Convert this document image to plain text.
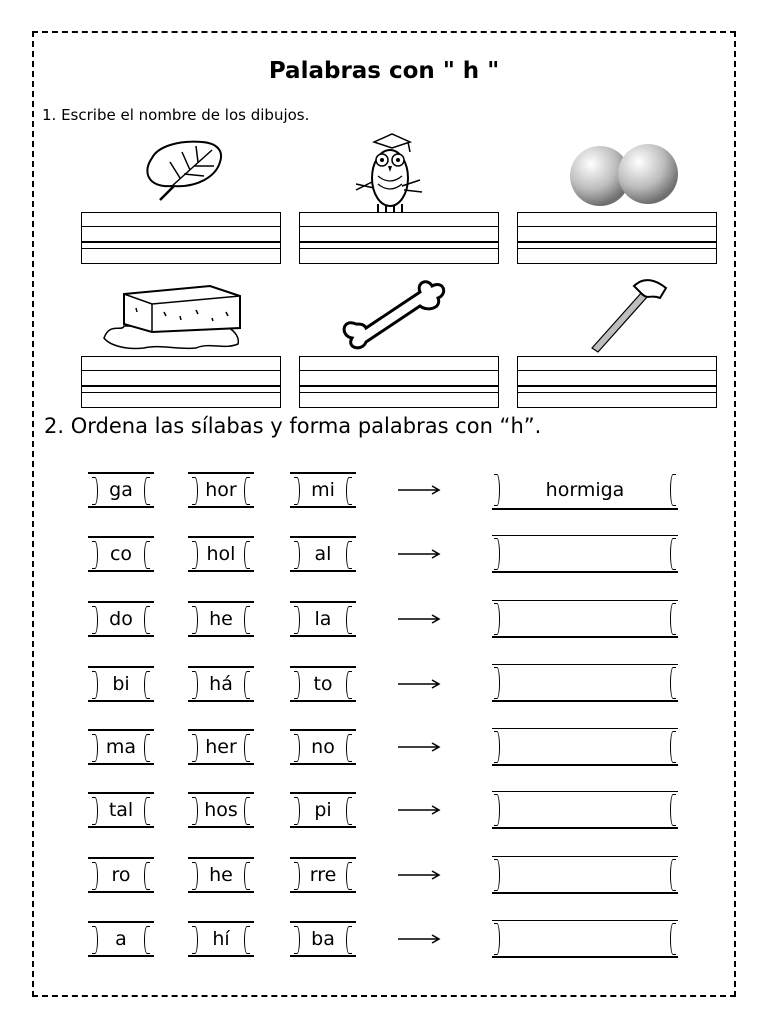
Palabras con " h "
1. Escribe el nombre de los dibujos.
2. Ordena las sílabas y forma palabras con “h”.
ga	hor	mi	hormiga
co	hol	al
do	he	la
bi	há	to
ma	her	no
tal	hos	pi
ro	he	rre
a	hí	ba
